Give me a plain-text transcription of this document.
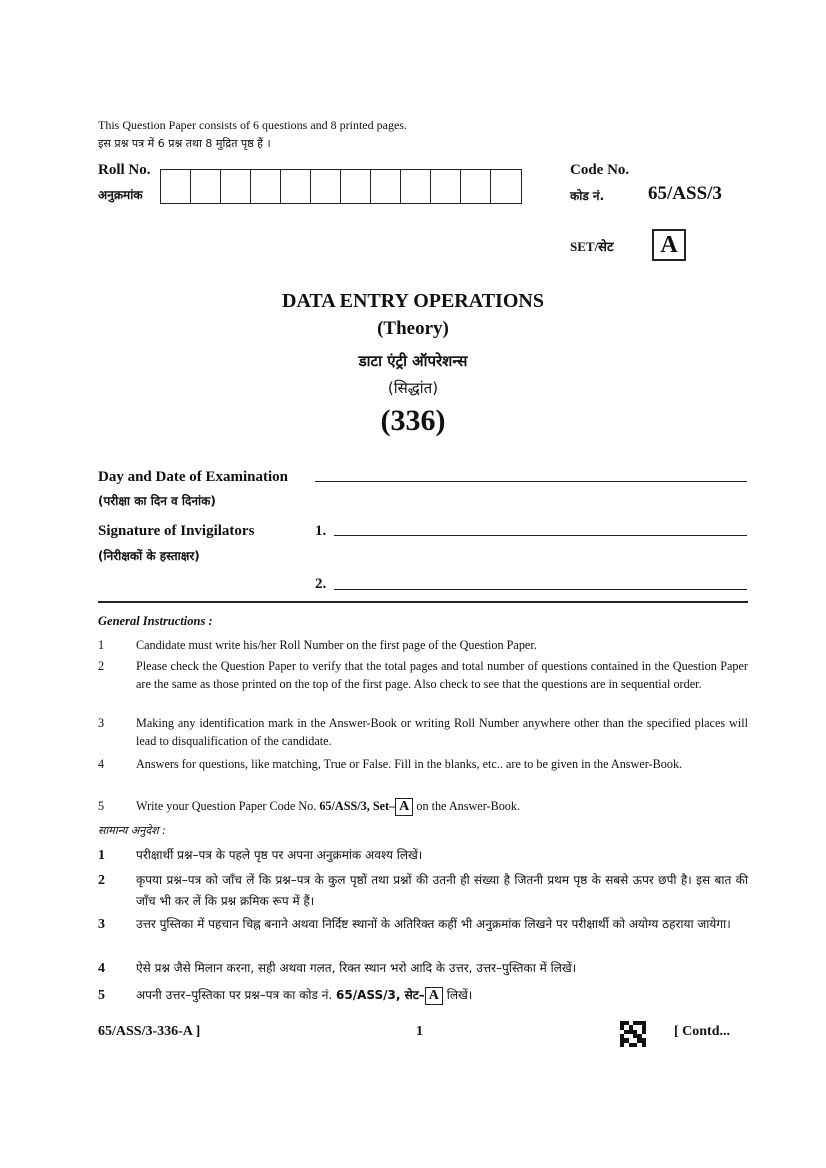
This Question Paper consists of 6 questions and 8 printed pages.
इस प्रश्न पत्र में 6 प्रश्न तथा 8 मुद्रित पृष्ठ हैं ।
Roll No.
अनुक्रमांक
Code No.
कोड नं. 65/ASS/3
SET/सेट	A
DATA ENTRY OPERATIONS
(Theory)
डाटा एंट्री ऑपरेशन्स
(सिद्धांत)
(336)
Day and Date of Examination
(परीक्षा का दिन व दिनांक)
Signature of Invigilators
(निरीक्षकों के हस्ताक्षर)
1.
2.
General Instructions :
1	Candidate must write his/her Roll Number on the first page of the Question Paper.
2	Please check the Question Paper to verify that the total pages and total number of questions contained in the Question Paper are the same as those printed on the top of the first page. Also check to see that the questions are in sequential order.
3	Making any identification mark in the Answer-Book or writing Roll Number anywhere other than the specified places will lead to disqualification of the candidate.
4	Answers for questions, like matching, True or False. Fill in the blanks, etc.. are to be given in the Answer-Book.
5	Write your Question Paper Code No. 65/ASS/3, Set– A on the Answer-Book.
सामान्य अनुदेश :
1	परीक्षार्थी प्रश्न–पत्र के पहले पृष्ठ पर अपना अनुक्रमांक अवश्य लिखें।
2	कृपया प्रश्न–पत्र को जाँच लें कि प्रश्न–पत्र के कुल पृष्ठों तथा प्रश्नों की उतनी ही संख्या है जितनी प्रथम पृष्ठ के सबसे ऊपर छपी है। इस बात की जाँच भी कर लें कि प्रश्न क्रमिक रूप में हैं।
3	उत्तर पुस्तिका में पहचान चिह्न बनाने अथवा निर्दिष्ट स्थानों के अतिरिक्त कहीं भी अनुक्रमांक लिखने पर परीक्षार्थी को अयोग्य ठहराया जायेगा।
4	ऐसे प्रश्न जैसे मिलान करना, सही अथवा गलत, रिक्त स्थान भरो आदि के उत्तर, उत्तर–पुस्तिका में लिखें।
5	अपनी उत्तर–पुस्तिका पर प्रश्न–पत्र का कोड नं. 65/ASS/3, सेट– A लिखें।
65/ASS/3-336-A ]	1	[ Contd...
